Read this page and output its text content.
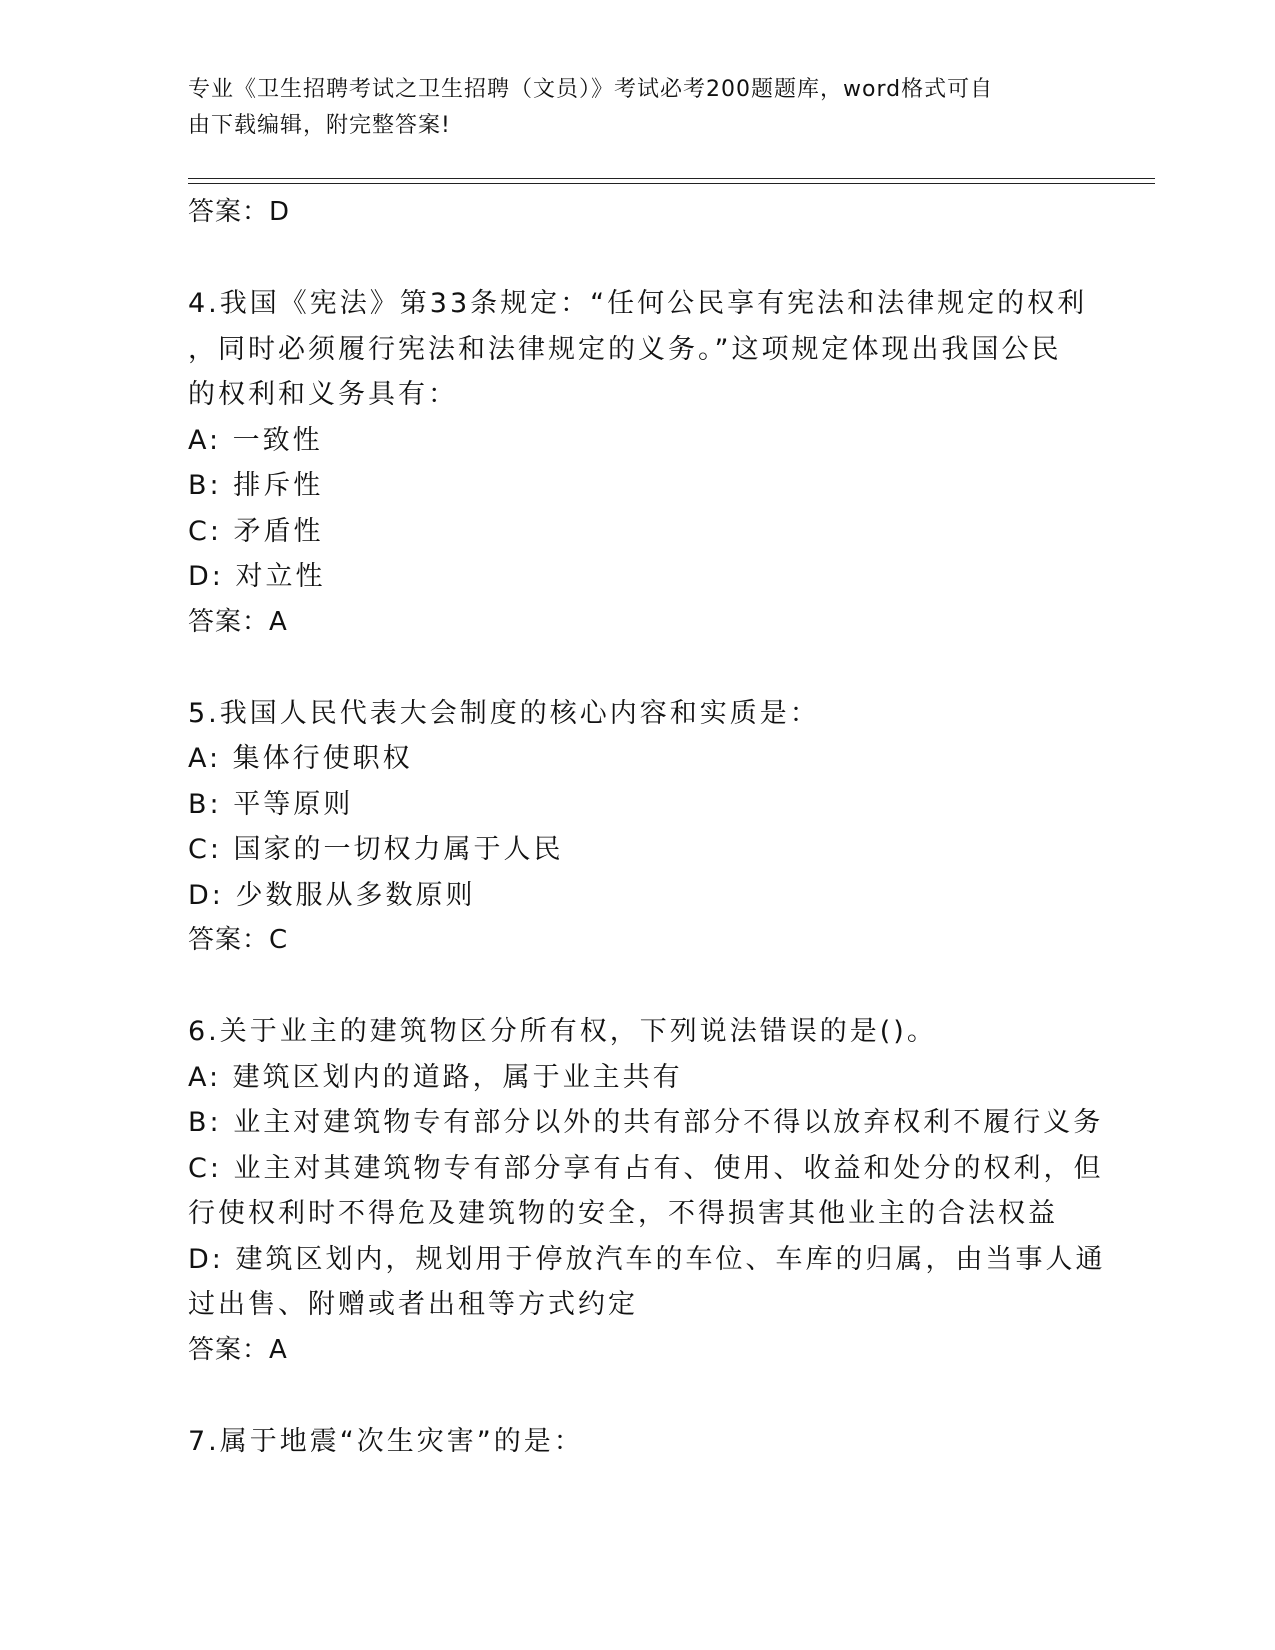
专业《卫生招聘考试之卫生招聘（文员）》考试必考200题题库，word格式可自
由下载编辑，附完整答案!
答案：D
4.我国《宪法》第33条规定：“任何公民享有宪法和法律规定的权利
，同时必须履行宪法和法律规定的义务。”这项规定体现出我国公民
的权利和义务具有：
A: 一致性
B: 排斥性
C: 矛盾性
D: 对立性
答案：A
5.我国人民代表大会制度的核心内容和实质是：
A: 集体行使职权
B: 平等原则
C: 国家的一切权力属于人民
D: 少数服从多数原则
答案：C
6.关于业主的建筑物区分所有权，下列说法错误的是()。
A: 建筑区划内的道路，属于业主共有
B: 业主对建筑物专有部分以外的共有部分不得以放弃权利不履行义务
C: 业主对其建筑物专有部分享有占有、使用、收益和处分的权利，但
行使权利时不得危及建筑物的安全，不得损害其他业主的合法权益
D: 建筑区划内，规划用于停放汽车的车位、车库的归属，由当事人通
过出售、附赠或者出租等方式约定
答案：A
7.属于地震“次生灾害”的是：
